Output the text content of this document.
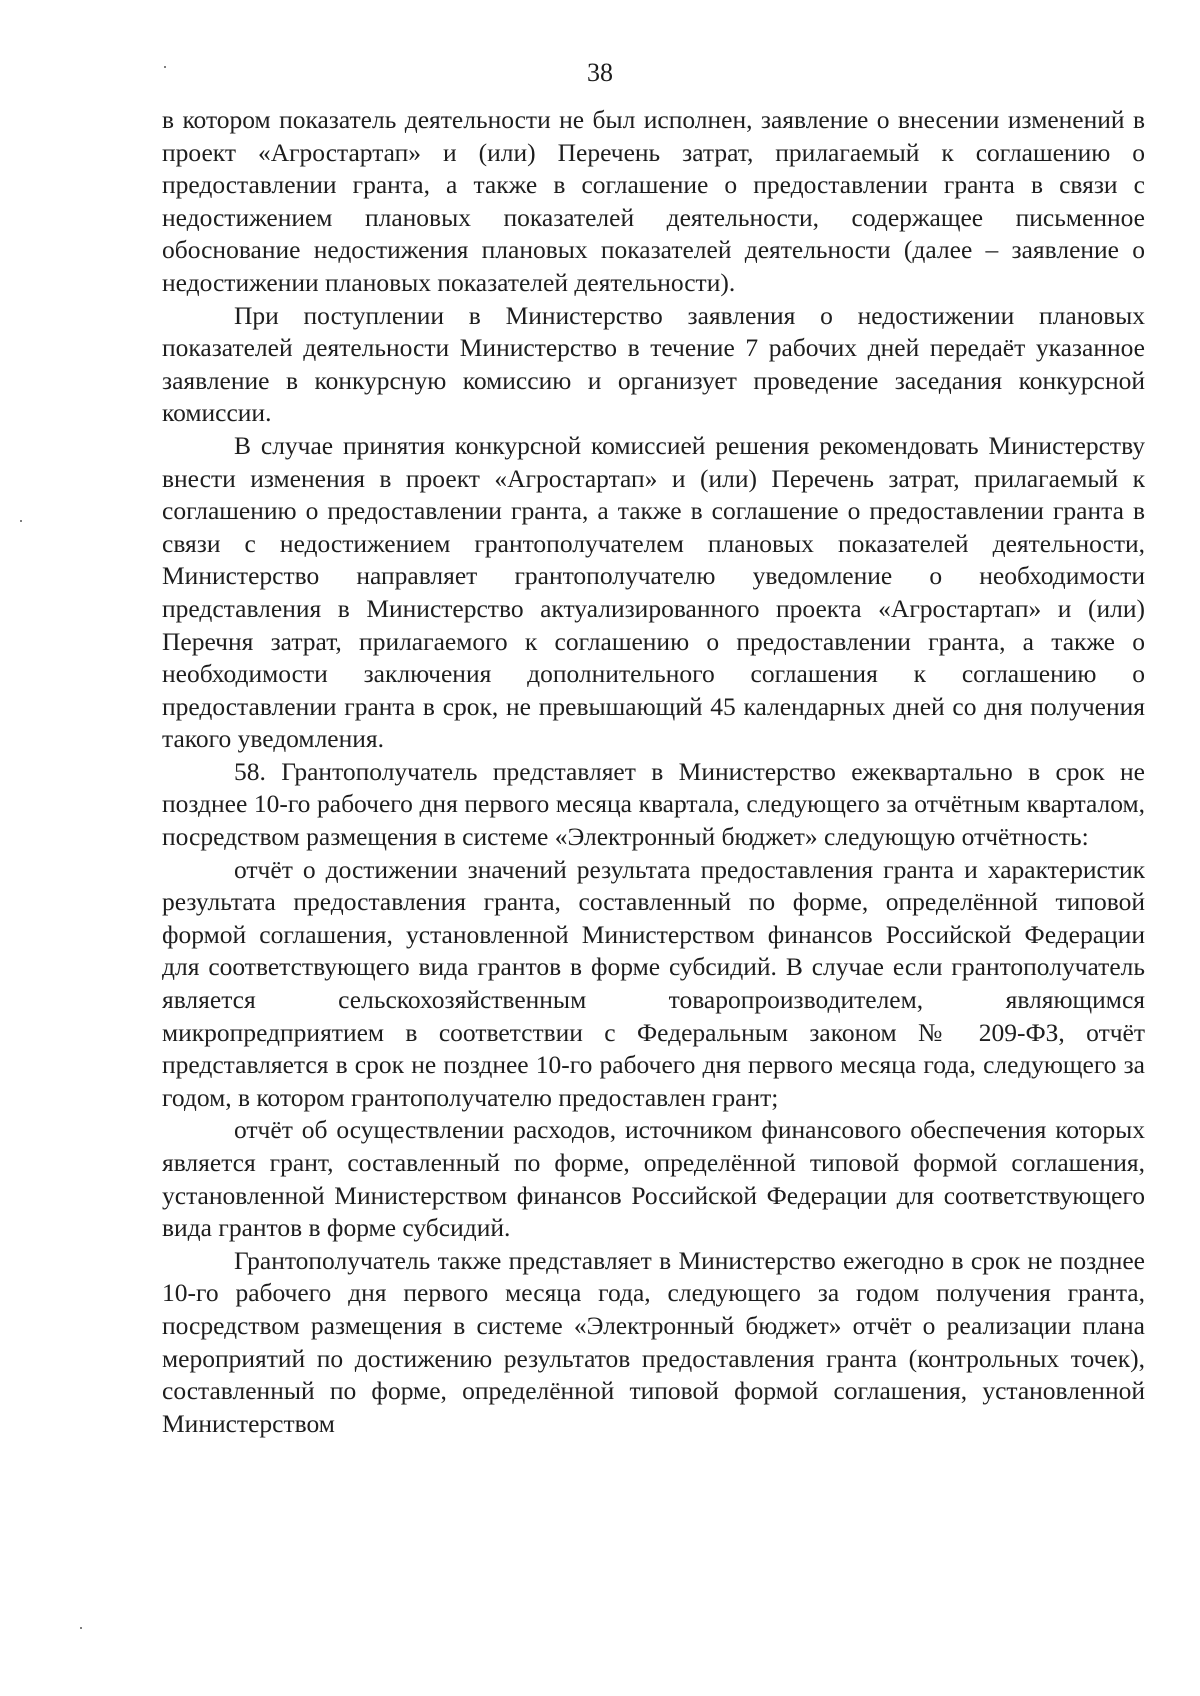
38

в котором показатель деятельности не был исполнен, заявление о внесении изменений в проект «Агростартап» и (или) Перечень затрат, прилагаемый к соглашению о предоставлении гранта, а также в соглашение о предоставлении гранта в связи с недостижением плановых показателей деятельности, содержащее письменное обоснование недостижения плановых показателей деятельности (далее – заявление о недостижении плановых показателей деятельности).

При поступлении в Министерство заявления о недостижении плановых показателей деятельности Министерство в течение 7 рабочих дней передаёт указанное заявление в конкурсную комиссию и организует проведение заседания конкурсной комиссии.

В случае принятия конкурсной комиссией решения рекомендовать Министерству внести изменения в проект «Агростартап» и (или) Перечень затрат, прилагаемый к соглашению о предоставлении гранта, а также в соглашение о предоставлении гранта в связи с недостижением грантополучателем плановых показателей деятельности, Министерство направляет грантополучателю уведомление о необходимости представления в Министерство актуализированного проекта «Агростартап» и (или) Перечня затрат, прилагаемого к соглашению о предоставлении гранта, а также о необходимости заключения дополнительного соглашения к соглашению о предоставлении гранта в срок, не превышающий 45 календарных дней со дня получения такого уведомления.

58. Грантополучатель представляет в Министерство ежеквартально в срок не позднее 10-го рабочего дня первого месяца квартала, следующего за отчётным кварталом, посредством размещения в системе «Электронный бюджет» следующую отчётность:

отчёт о достижении значений результата предоставления гранта и характеристик результата предоставления гранта, составленный по форме, определённой типовой формой соглашения, установленной Министерством финансов Российской Федерации для соответствующего вида грантов в форме субсидий. В случае если грантополучатель является сельскохозяйственным товаропроизводителем, являющимся микропредприятием в соответствии с Федеральным законом № 209-ФЗ, отчёт представляется в срок не позднее 10-го рабочего дня первого месяца года, следующего за годом, в котором грантополучателю предоставлен грант;

отчёт об осуществлении расходов, источником финансового обеспечения которых является грант, составленный по форме, определённой типовой формой соглашения, установленной Министерством финансов Российской Федерации для соответствующего вида грантов в форме субсидий.

Грантополучатель также представляет в Министерство ежегодно в срок не позднее 10-го рабочего дня первого месяца года, следующего за годом получения гранта, посредством размещения в системе «Электронный бюджет» отчёт о реализации плана мероприятий по достижению результатов предоставления гранта (контрольных точек), составленный по форме, определённой типовой формой соглашения, установленной Министерством
